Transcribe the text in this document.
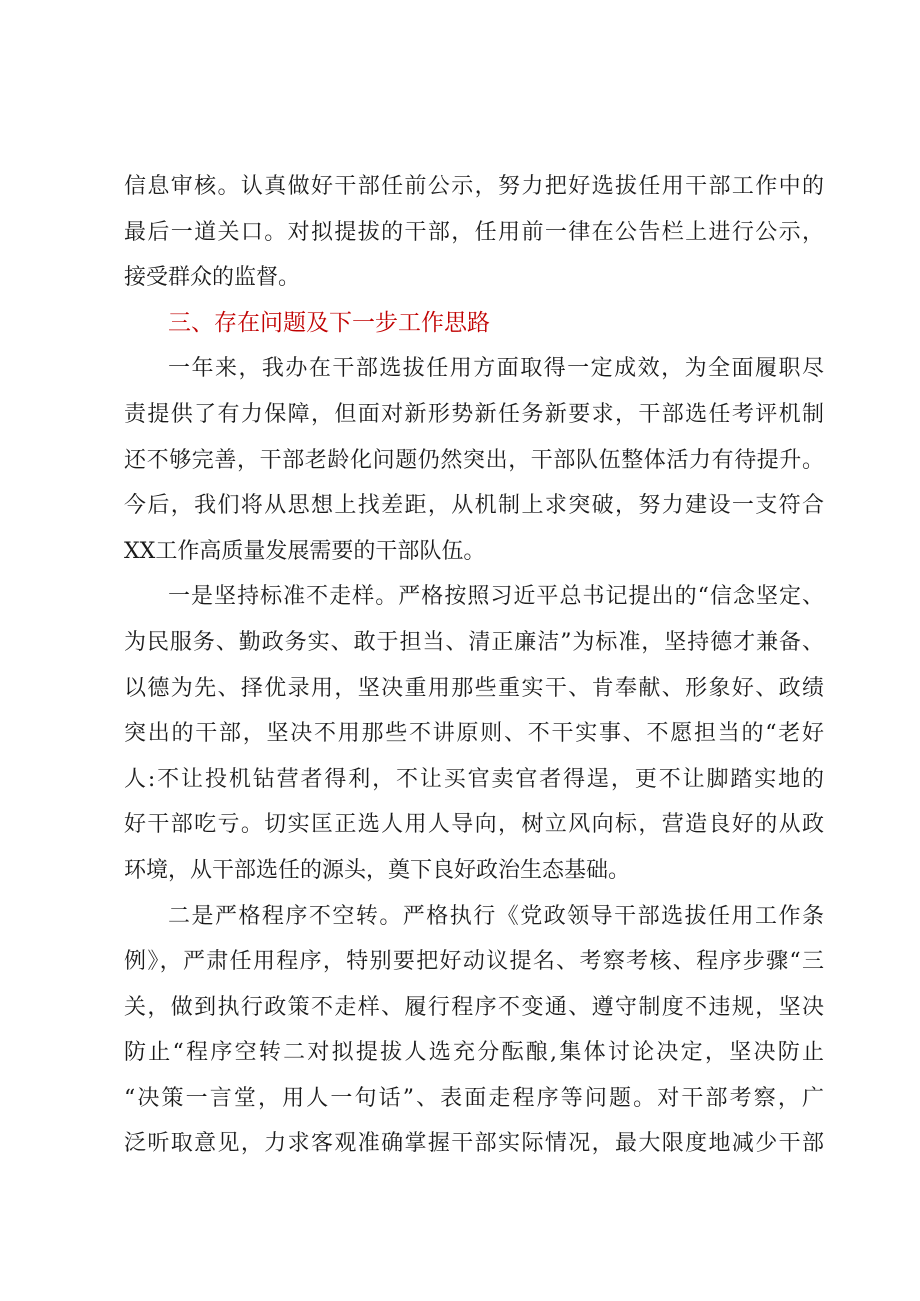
信息审核。认真做好干部任前公示，努力把好选拔任用干部工作中的
最后一道关口。对拟提拔的干部，任用前一律在公告栏上进行公示，
接受群众的监督。
三、存在问题及下一步工作思路
一年来，我办在干部选拔任用方面取得一定成效，为全面履职尽
责提供了有力保障，但面对新形势新任务新要求，干部选任考评机制
还不够完善，干部老龄化问题仍然突出，干部队伍整体活力有待提升。
今后，我们将从思想上找差距，从机制上求突破，努力建设一支符合
XX工作高质量发展需要的干部队伍。
一是坚持标准不走样。严格按照习近平总书记提出的“信念坚定、
为民服务、勤政务实、敢于担当、清正廉洁”为标准，坚持德才兼备、
以德为先、择优录用，坚决重用那些重实干、肯奉献、形象好、政绩
突出的干部，坚决不用那些不讲原则、不干实事、不愿担当的“老好
人:不让投机钻营者得利，不让买官卖官者得逞，更不让脚踏实地的
好干部吃亏。切实匡正选人用人导向，树立风向标，营造良好的从政
环境，从干部选任的源头，奠下良好政治生态基础。
二是严格程序不空转。严格执行《党政领导干部选拔任用工作条
例》，严肃任用程序，特别要把好动议提名、考察考核、程序步骤“三
关，做到执行政策不走样、履行程序不变通、遵守制度不违规，坚决
防止“程序空转二对拟提拔人选充分酝酿,集体讨论决定，坚决防止
“决策一言堂，用人一句话”、表面走程序等问题。对干部考察，广
泛听取意见，力求客观准确掌握干部实际情况，最大限度地减少干部
